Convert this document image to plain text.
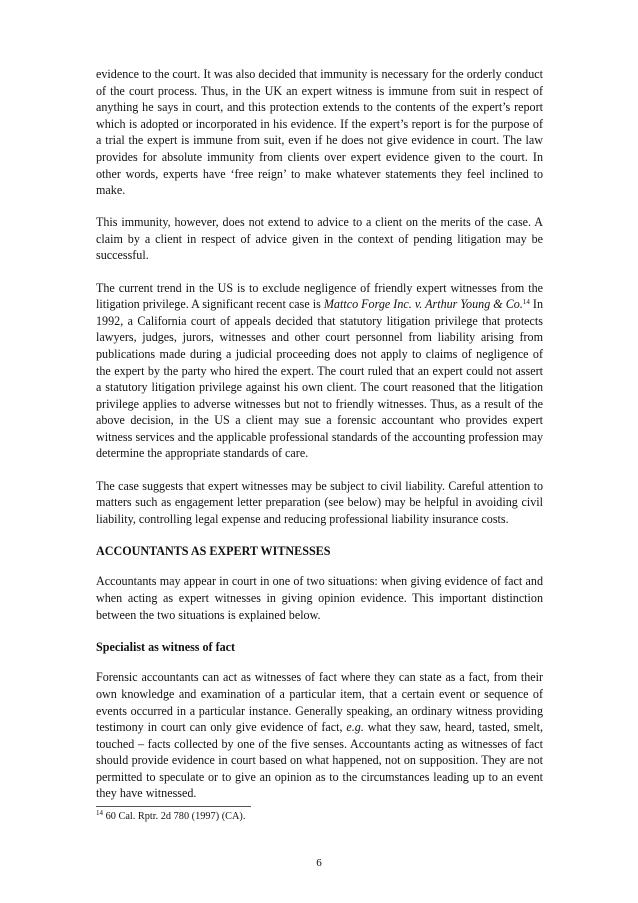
evidence to the court. It was also decided that immunity is necessary for the orderly conduct of the court process. Thus, in the UK an expert witness is immune from suit in respect of anything he says in court, and this protection extends to the contents of the expert’s report which is adopted or incorporated in his evidence. If the expert’s report is for the purpose of a trial the expert is immune from suit, even if he does not give evidence in court. The law provides for absolute immunity from clients over expert evidence given to the court. In other words, experts have ‘free reign’ to make whatever statements they feel inclined to make.

This immunity, however, does not extend to advice to a client on the merits of the case. A claim by a client in respect of advice given in the context of pending litigation may be successful.

The current trend in the US is to exclude negligence of friendly expert witnesses from the litigation privilege. A significant recent case is Mattco Forge Inc. v. Arthur Young & Co.$^{14}$ In 1992, a California court of appeals decided that statutory litigation privilege that protects lawyers, judges, jurors, witnesses and other court personnel from liability arising from publications made during a judicial proceeding does not apply to claims of negligence of the expert by the party who hired the expert. The court ruled that an expert could not assert a statutory litigation privilege against his own client. The court reasoned that the litigation privilege applies to adverse witnesses but not to friendly witnesses. Thus, as a result of the above decision, in the US a client may sue a forensic accountant who provides expert witness services and the applicable professional standards of the accounting profession may determine the appropriate standards of care.

The case suggests that expert witnesses may be subject to civil liability. Careful attention to matters such as engagement letter preparation (see below) may be helpful in avoiding civil liability, controlling legal expense and reducing professional liability insurance costs.

ACCOUNTANTS AS EXPERT WITNESSES

Accountants may appear in court in one of two situations: when giving evidence of fact and when acting as expert witnesses in giving opinion evidence. This important distinction between the two situations is explained below.

Specialist as witness of fact

Forensic accountants can act as witnesses of fact where they can state as a fact, from their own knowledge and examination of a particular item, that a certain event or sequence of events occurred in a particular instance. Generally speaking, an ordinary witness providing testimony in court can only give evidence of fact, e.g. what they saw, heard, tasted, smelt, touched – facts collected by one of the five senses. Accountants acting as witnesses of fact should provide evidence in court based on what happened, not on supposition. They are not permitted to speculate or to give an opinion as to the circumstances leading up to an event they have witnessed.

$^{14}$ 60 Cal. Rptr. 2d 780 (1997) (CA).
6
